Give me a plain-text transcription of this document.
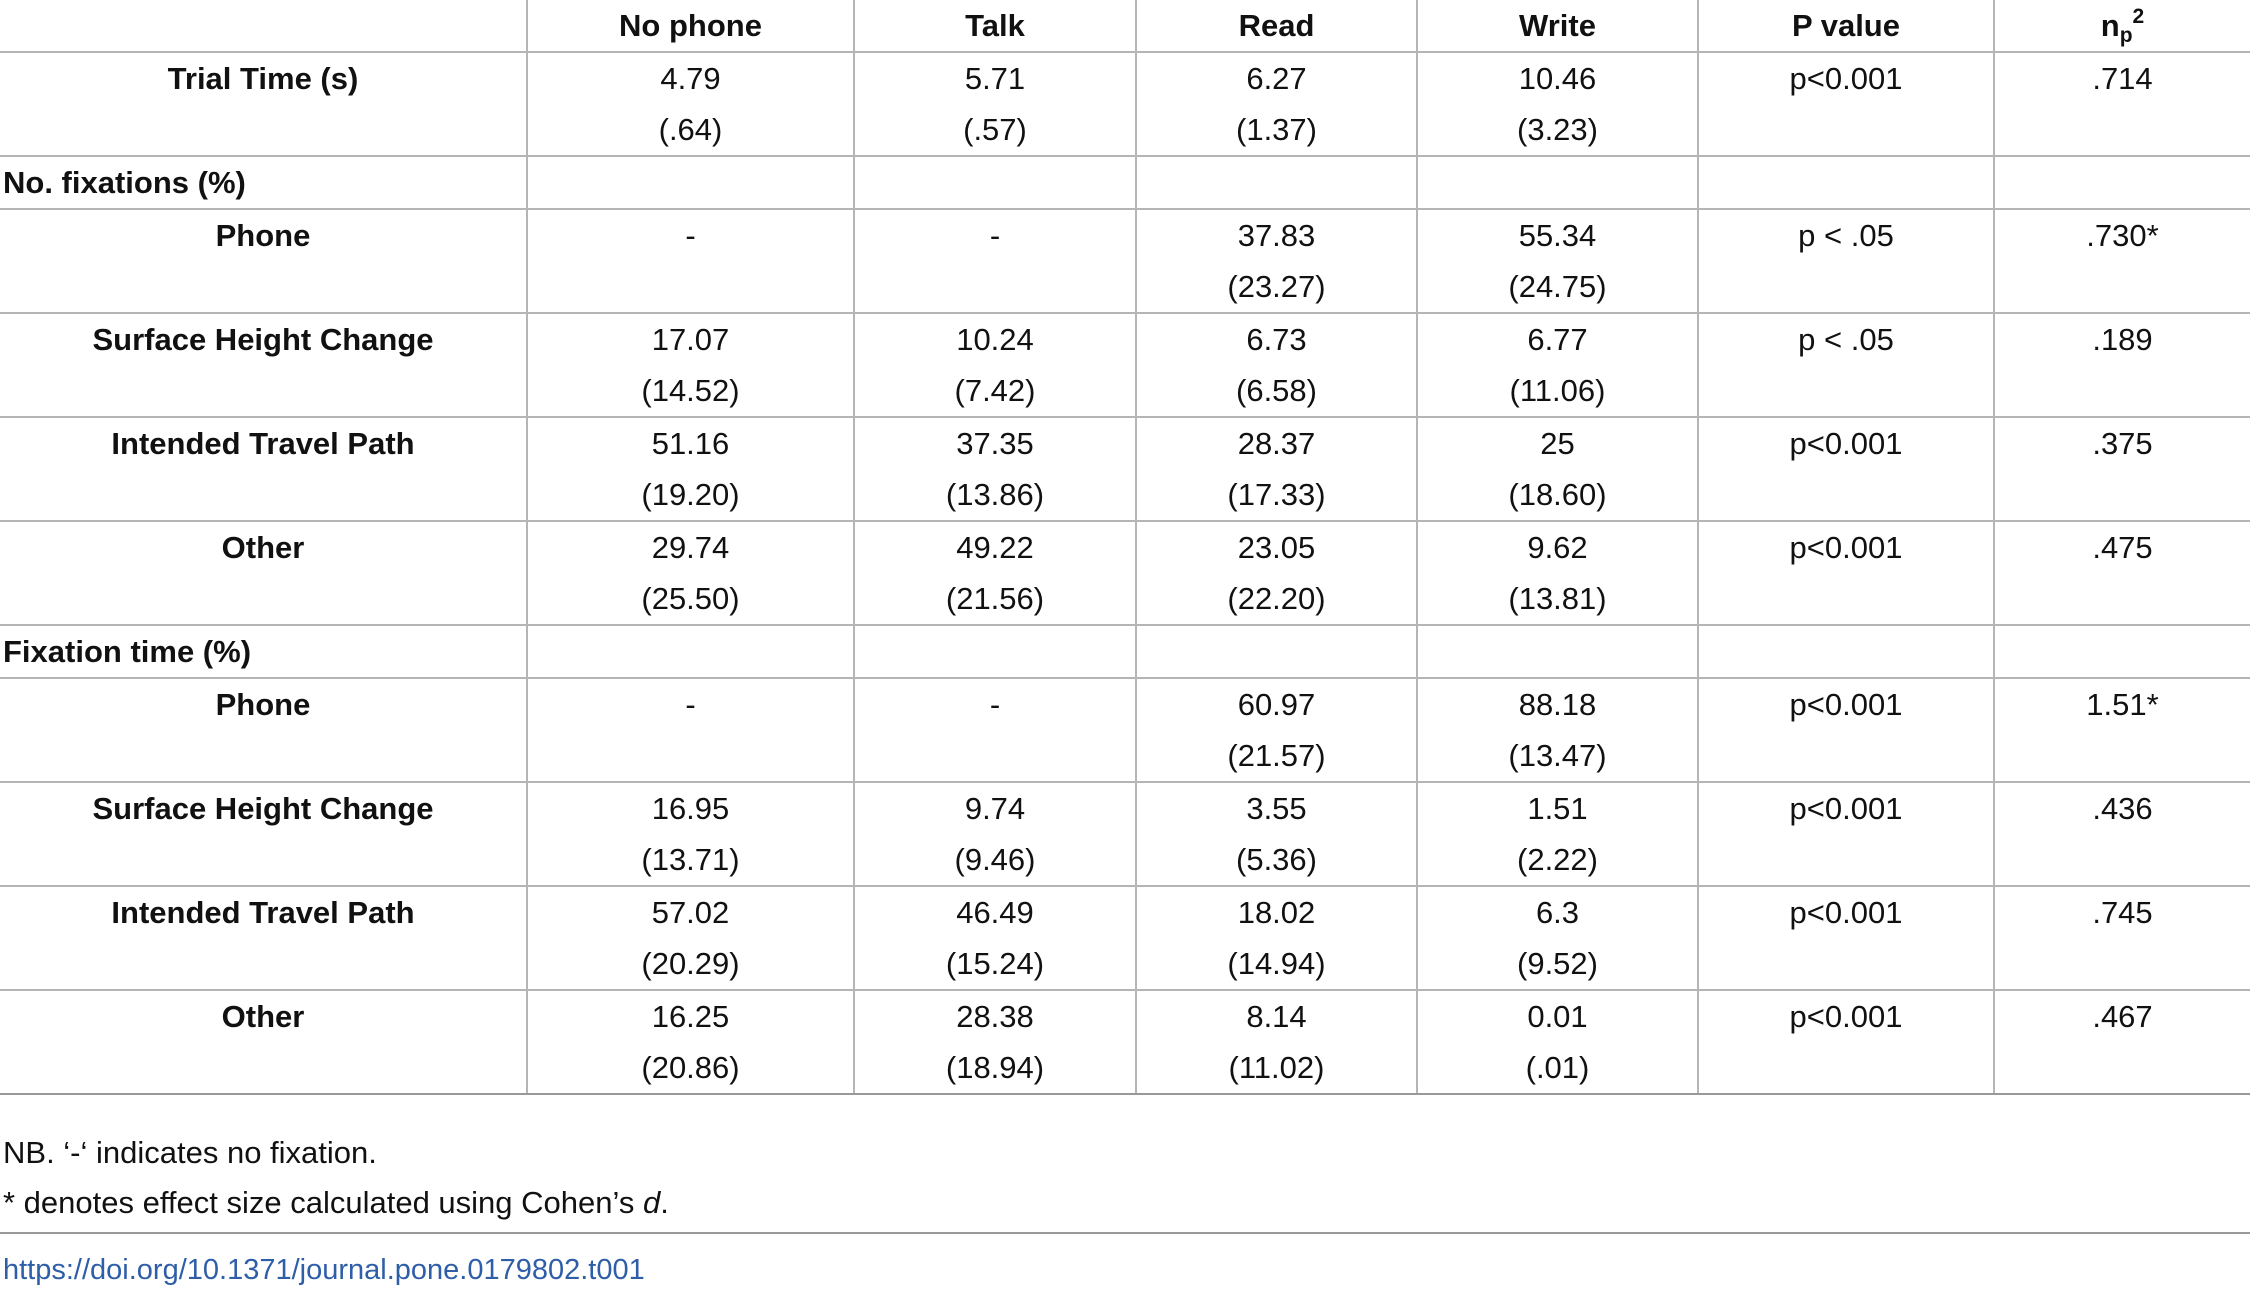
	No phone	Talk	Read	Write	P value	$n_p^2$
Trial Time (s)	4.79	5.71	6.27	10.46	p<0.001	.714
	(.64)	(.57)	(1.37)	(3.23)		
No. fixations (%)						
Phone	-	-	37.83	55.34	p < .05	.730*
			(23.27)	(24.75)		
Surface Height Change	17.07	10.24	6.73	6.77	p < .05	.189
	(14.52)	(7.42)	(6.58)	(11.06)		
Intended Travel Path	51.16	37.35	28.37	25	p<0.001	.375
	(19.20)	(13.86)	(17.33)	(18.60)		
Other	29.74	49.22	23.05	9.62	p<0.001	.475
	(25.50)	(21.56)	(22.20)	(13.81)		
Fixation time (%)						
Phone	-	-	60.97	88.18	p<0.001	1.51*
			(21.57)	(13.47)		
Surface Height Change	16.95	9.74	3.55	1.51	p<0.001	.436
	(13.71)	(9.46)	(5.36)	(2.22)		
Intended Travel Path	57.02	46.49	18.02	6.3	p<0.001	.745
	(20.29)	(15.24)	(14.94)	(9.52)		
Other	16.25	28.38	8.14	0.01	p<0.001	.467
	(20.86)	(18.94)	(11.02)	(.01)		
NB. ‘-‘ indicates no fixation.
* denotes effect size calculated using Cohen’s d.
https://doi.org/10.1371/journal.pone.0179802.t001
